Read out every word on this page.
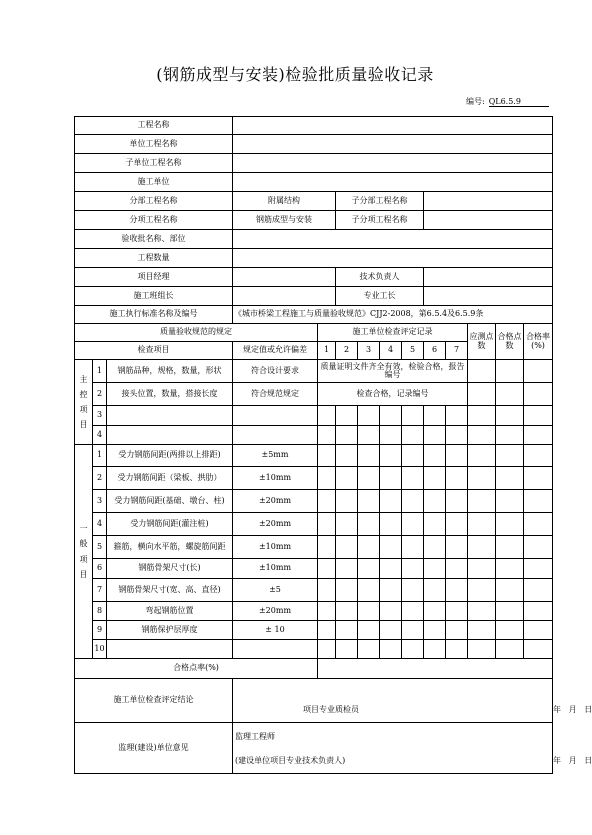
(钢筋成型与安装)检验批质量验收记录
编号: QL6.5.9
工程名称													
单位工程名称													
子单位工程名称													
施工单位													
分部工程名称			附属结构		子分部工程名称								
分项工程名称			钢筋成型与安装		子分项工程名称								
验收批名称、部位													
工程数量													
项目经理					技术负责人								
施工班组长					专业工长								
施工执行标准名称及编号			《城市桥梁工程施工与质量验收规范》CJJ2-2008，第6.5.4及6.5.9条										
质量验收规范的规定				施工单位检查评定记录							应测点数	合格点数	合格率(%)
检查项目			规定值或允许偏差	1	2	3	4	5	6	7			

主
控
项
目	1	钢筋品种，规格，数量，形状	符合设计要求	质量证明文件齐全有效，检验合格，报告编号									
	2	接头位置，数量，搭接长度	符合规范规定	检查合格，记录编号									
	3												
	4												

一
般
项
目	1	受力钢筋间距(两排以上排距)	±5mm										
	2	受力钢筋间距（梁板、拱肋）	±10mm										
	3	受力钢筋间距(基础、墩台、柱)	±20mm										
	4	受力钢筋间距(灌注桩)	±20mm										
	5	箍筋，横向水平筋，螺旋筋间距	±10mm										
	6	钢筋骨架尺寸(长)	±10mm										
	7	钢筋骨架尺寸(宽、高、直径)	±5										
	8	弯起钢筋位置	±20mm										
	9	钢筋保护层厚度	± 10										
	10												
合格点率(%)													
施工单位检查评定结论			项目专业质检员 年   月   日										

监理(建设)单位意见			监理工程师
(建设单位项目专业技术负责人) 年   月   日										
